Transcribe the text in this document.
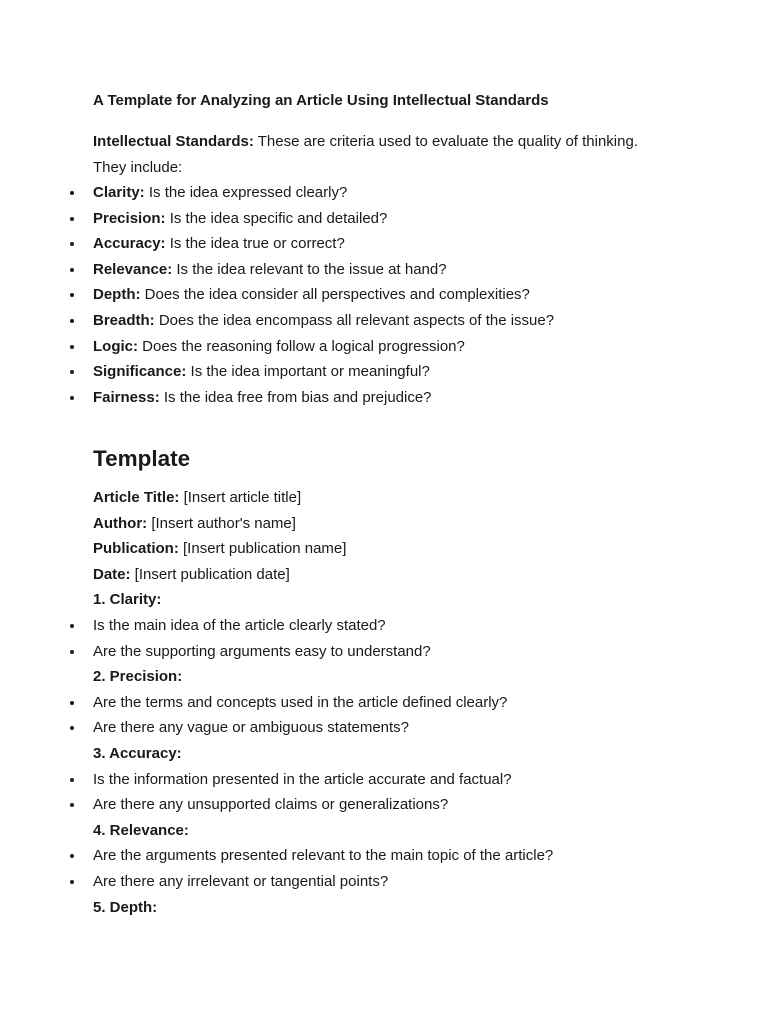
A Template for Analyzing an Article Using Intellectual Standards

Intellectual Standards: These are criteria used to evaluate the quality of thinking.
They include:

Clarity: Is the idea expressed clearly?
Precision: Is the idea specific and detailed?
Accuracy: Is the idea true or correct?
Relevance: Is the idea relevant to the issue at hand?
Depth: Does the idea consider all perspectives and complexities?
Breadth: Does the idea encompass all relevant aspects of the issue?
Logic: Does the reasoning follow a logical progression?
Significance: Is the idea important or meaningful?
Fairness: Is the idea free from bias and prejudice?
Template
Article Title: [Insert article title]
Author: [Insert author's name]
Publication: [Insert publication name]
Date: [Insert publication date]
1. Clarity:
Is the main idea of the article clearly stated?
Are the supporting arguments easy to understand?
2. Precision:
Are the terms and concepts used in the article defined clearly?
Are there any vague or ambiguous statements?
3. Accuracy:
Is the information presented in the article accurate and factual?
Are there any unsupported claims or generalizations?
4. Relevance:
Are the arguments presented relevant to the main topic of the article?
Are there any irrelevant or tangential points?
5. Depth:
